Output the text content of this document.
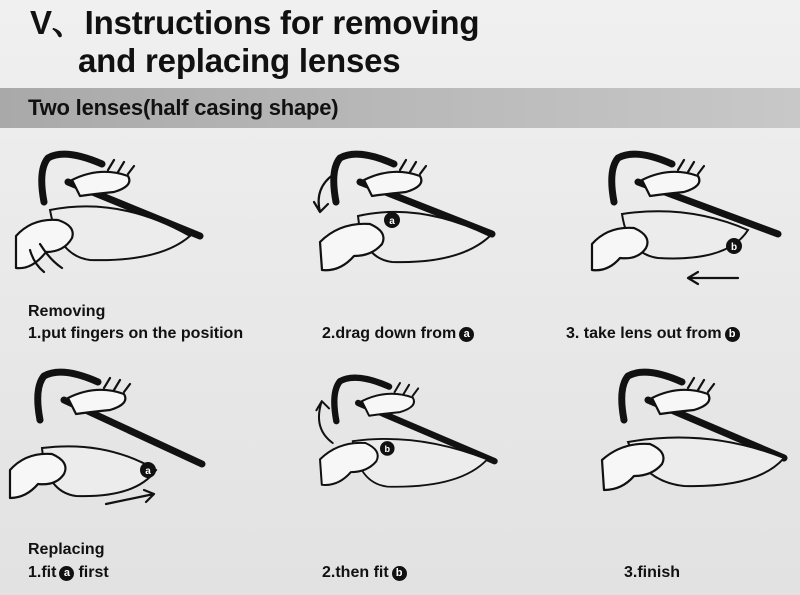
V、Instructions for removing
and replacing lenses
Two lenses(half casing shape)
a
b
Removing
1.put fingers on the position	2.drag down from a	3. take lens out from b
a
b
Replacing
1.fit a first	2.then fit b	3.finish
